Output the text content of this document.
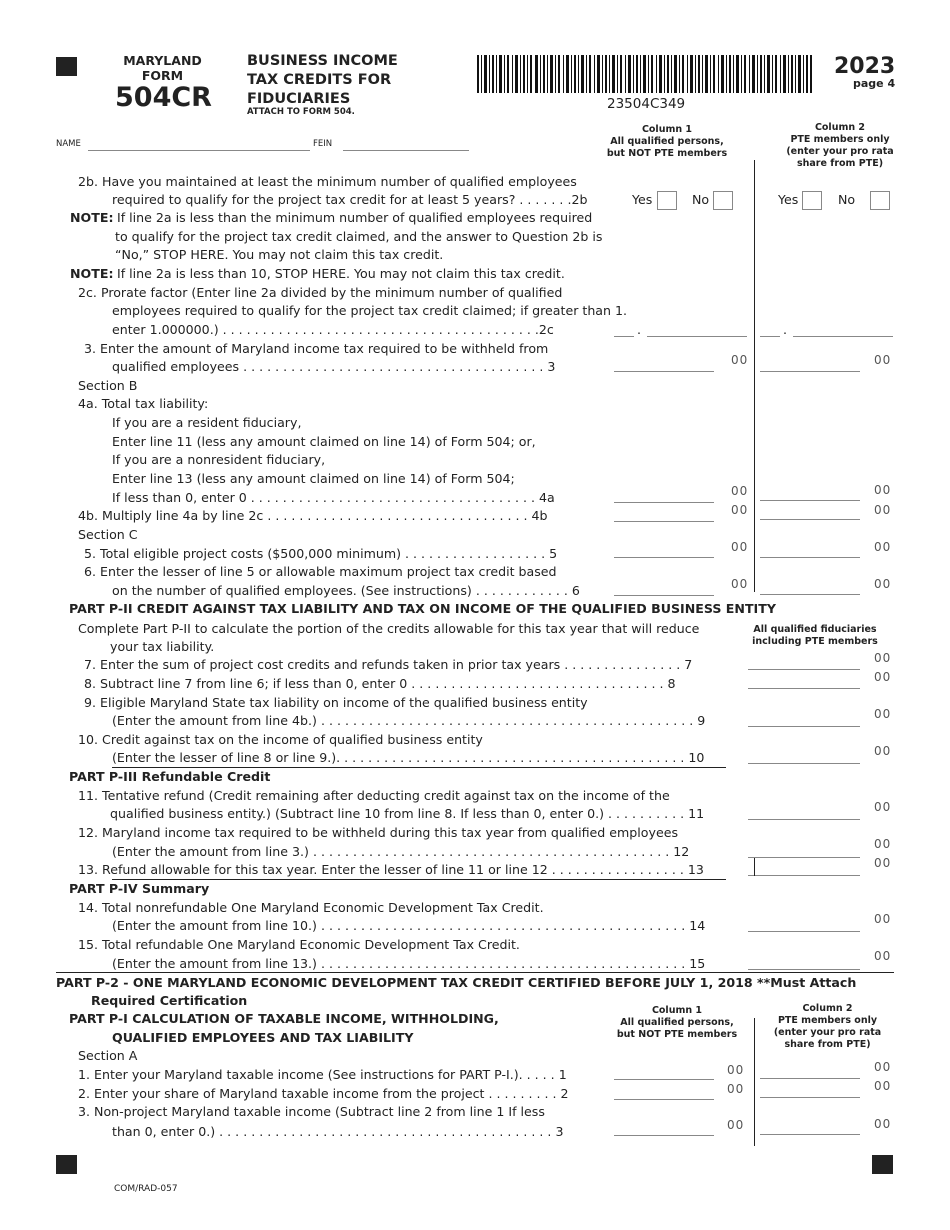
MARYLAND
FORM
504CR
BUSINESS INCOME
TAX CREDITS FOR
FIDUCIARIES
ATTACH TO FORM 504.	23504C349
2023
page 4
NAME	FEIN
Column 1
All qualified persons,
but NOT PTE members
Column 2
PTE members only
(enter your pro rata
share from PTE)
2b. Have you maintained at least the minimum number of qualified employees
required to qualify for the project tax credit for at least 5 years? . . . . . . .2b	Yes	No	Yes	No
NOTE: If line 2a is less than the minimum number of qualified employees required
to qualify for the project tax credit claimed, and the answer to Question 2b is
“No,” STOP HERE. You may not claim this tax credit.
NOTE: If line 2a is less than 10, STOP HERE. You may not claim this tax credit.
2c. Prorate factor (Enter line 2a divided by the minimum number of qualified
employees required to qualify for the project tax credit claimed; if greater than 1.
enter 1.000000.) . . . . . . . . . . . . . . . . . . . . . . . . . . . . . . . . . . . . . . . .2c	.	.
3. Enter the amount of Maryland income tax required to be withheld from
qualified employees . . . . . . . . . . . . . . . . . . . . . . . . . . . . . . . . . . . . . . 3	00	00
Section B
4a. Total tax liability:
If you are a resident fiduciary,
Enter line 11 (less any amount claimed on line 14) of Form 504; or,
If you are a nonresident fiduciary,
Enter line 13 (less any amount claimed on line 14) of Form 504;
If less than 0, enter 0 . . . . . . . . . . . . . . . . . . . . . . . . . . . . . . . . . . . . 4a	00	00
4b. Multiply line 4a by line 2c . . . . . . . . . . . . . . . . . . . . . . . . . . . . . . . . . 4b	00	00
Section C
5. Total eligible project costs ($500,000 minimum) . . . . . . . . . . . . . . . . . . 5	00	00
6. Enter the lesser of line 5 or allowable maximum project tax credit based
on the number of qualified employees. (See instructions) . . . . . . . . . . . . 6	00	00
PART P-II CREDIT AGAINST TAX LIABILITY AND TAX ON INCOME OF THE QUALIFIED BUSINESS ENTITY
Complete Part P-II to calculate the portion of the credits allowable for this tax year that will reduce
your tax liability.
All qualified fiduciaries
including PTE members
7. Enter the sum of project cost credits and refunds taken in prior tax years . . . . . . . . . . . . . . . 7	00
8. Subtract line 7 from line 6; if less than 0, enter 0 . . . . . . . . . . . . . . . . . . . . . . . . . . . . . . . . 8	00
9. Eligible Maryland State tax liability on income of the qualified business entity
(Enter the amount from line 4b.) . . . . . . . . . . . . . . . . . . . . . . . . . . . . . . . . . . . . . . . . . . . . . . . 9	00
10. Credit against tax on the income of qualified business entity
(Enter the lesser of line 8 or line 9.). . . . . . . . . . . . . . . . . . . . . . . . . . . . . . . . . . . . . . . . . . . . 10	00
PART P-III Refundable Credit
11. Tentative refund (Credit remaining after deducting credit against tax on the income of the
qualified business entity.) (Subtract line 10 from line 8. If less than 0, enter 0.) . . . . . . . . . . 11	00
12. Maryland income tax required to be withheld during this tax year from qualified employees
(Enter the amount from line 3.) . . . . . . . . . . . . . . . . . . . . . . . . . . . . . . . . . . . . . . . . . . . . . 12	00
13. Refund allowable for this tax year. Enter the lesser of line 11 or line 12 . . . . . . . . . . . . . . . . . 13	00
PART P-IV Summary
14. Total nonrefundable One Maryland Economic Development Tax Credit.
(Enter the amount from line 10.) . . . . . . . . . . . . . . . . . . . . . . . . . . . . . . . . . . . . . . . . . . . . . . 14	00
15. Total refundable One Maryland Economic Development Tax Credit.
(Enter the amount from line 13.) . . . . . . . . . . . . . . . . . . . . . . . . . . . . . . . . . . . . . . . . . . . . . . 15	00
PART P-2 - ONE MARYLAND ECONOMIC DEVELOPMENT TAX CREDIT CERTIFIED BEFORE JULY 1, 2018 **Must Attach
Required Certification
Column 1
All qualified persons,
but NOT PTE members
Column 2
PTE members only
(enter your pro rata
share from PTE)
PART P-I CALCULATION OF TAXABLE INCOME, WITHHOLDING,
QUALIFIED EMPLOYEES AND TAX LIABILITY
Section A
1. Enter your Maryland taxable income (See instructions for PART P-I.). . . . . 1	00	00
2. Enter your share of Maryland taxable income from the project . . . . . . . . . 2	00	00
3. Non-project Maryland taxable income (Subtract line 2 from line 1 If less
than 0, enter 0.) . . . . . . . . . . . . . . . . . . . . . . . . . . . . . . . . . . . . . . . . . . 3	00	00
COM/RAD-057
